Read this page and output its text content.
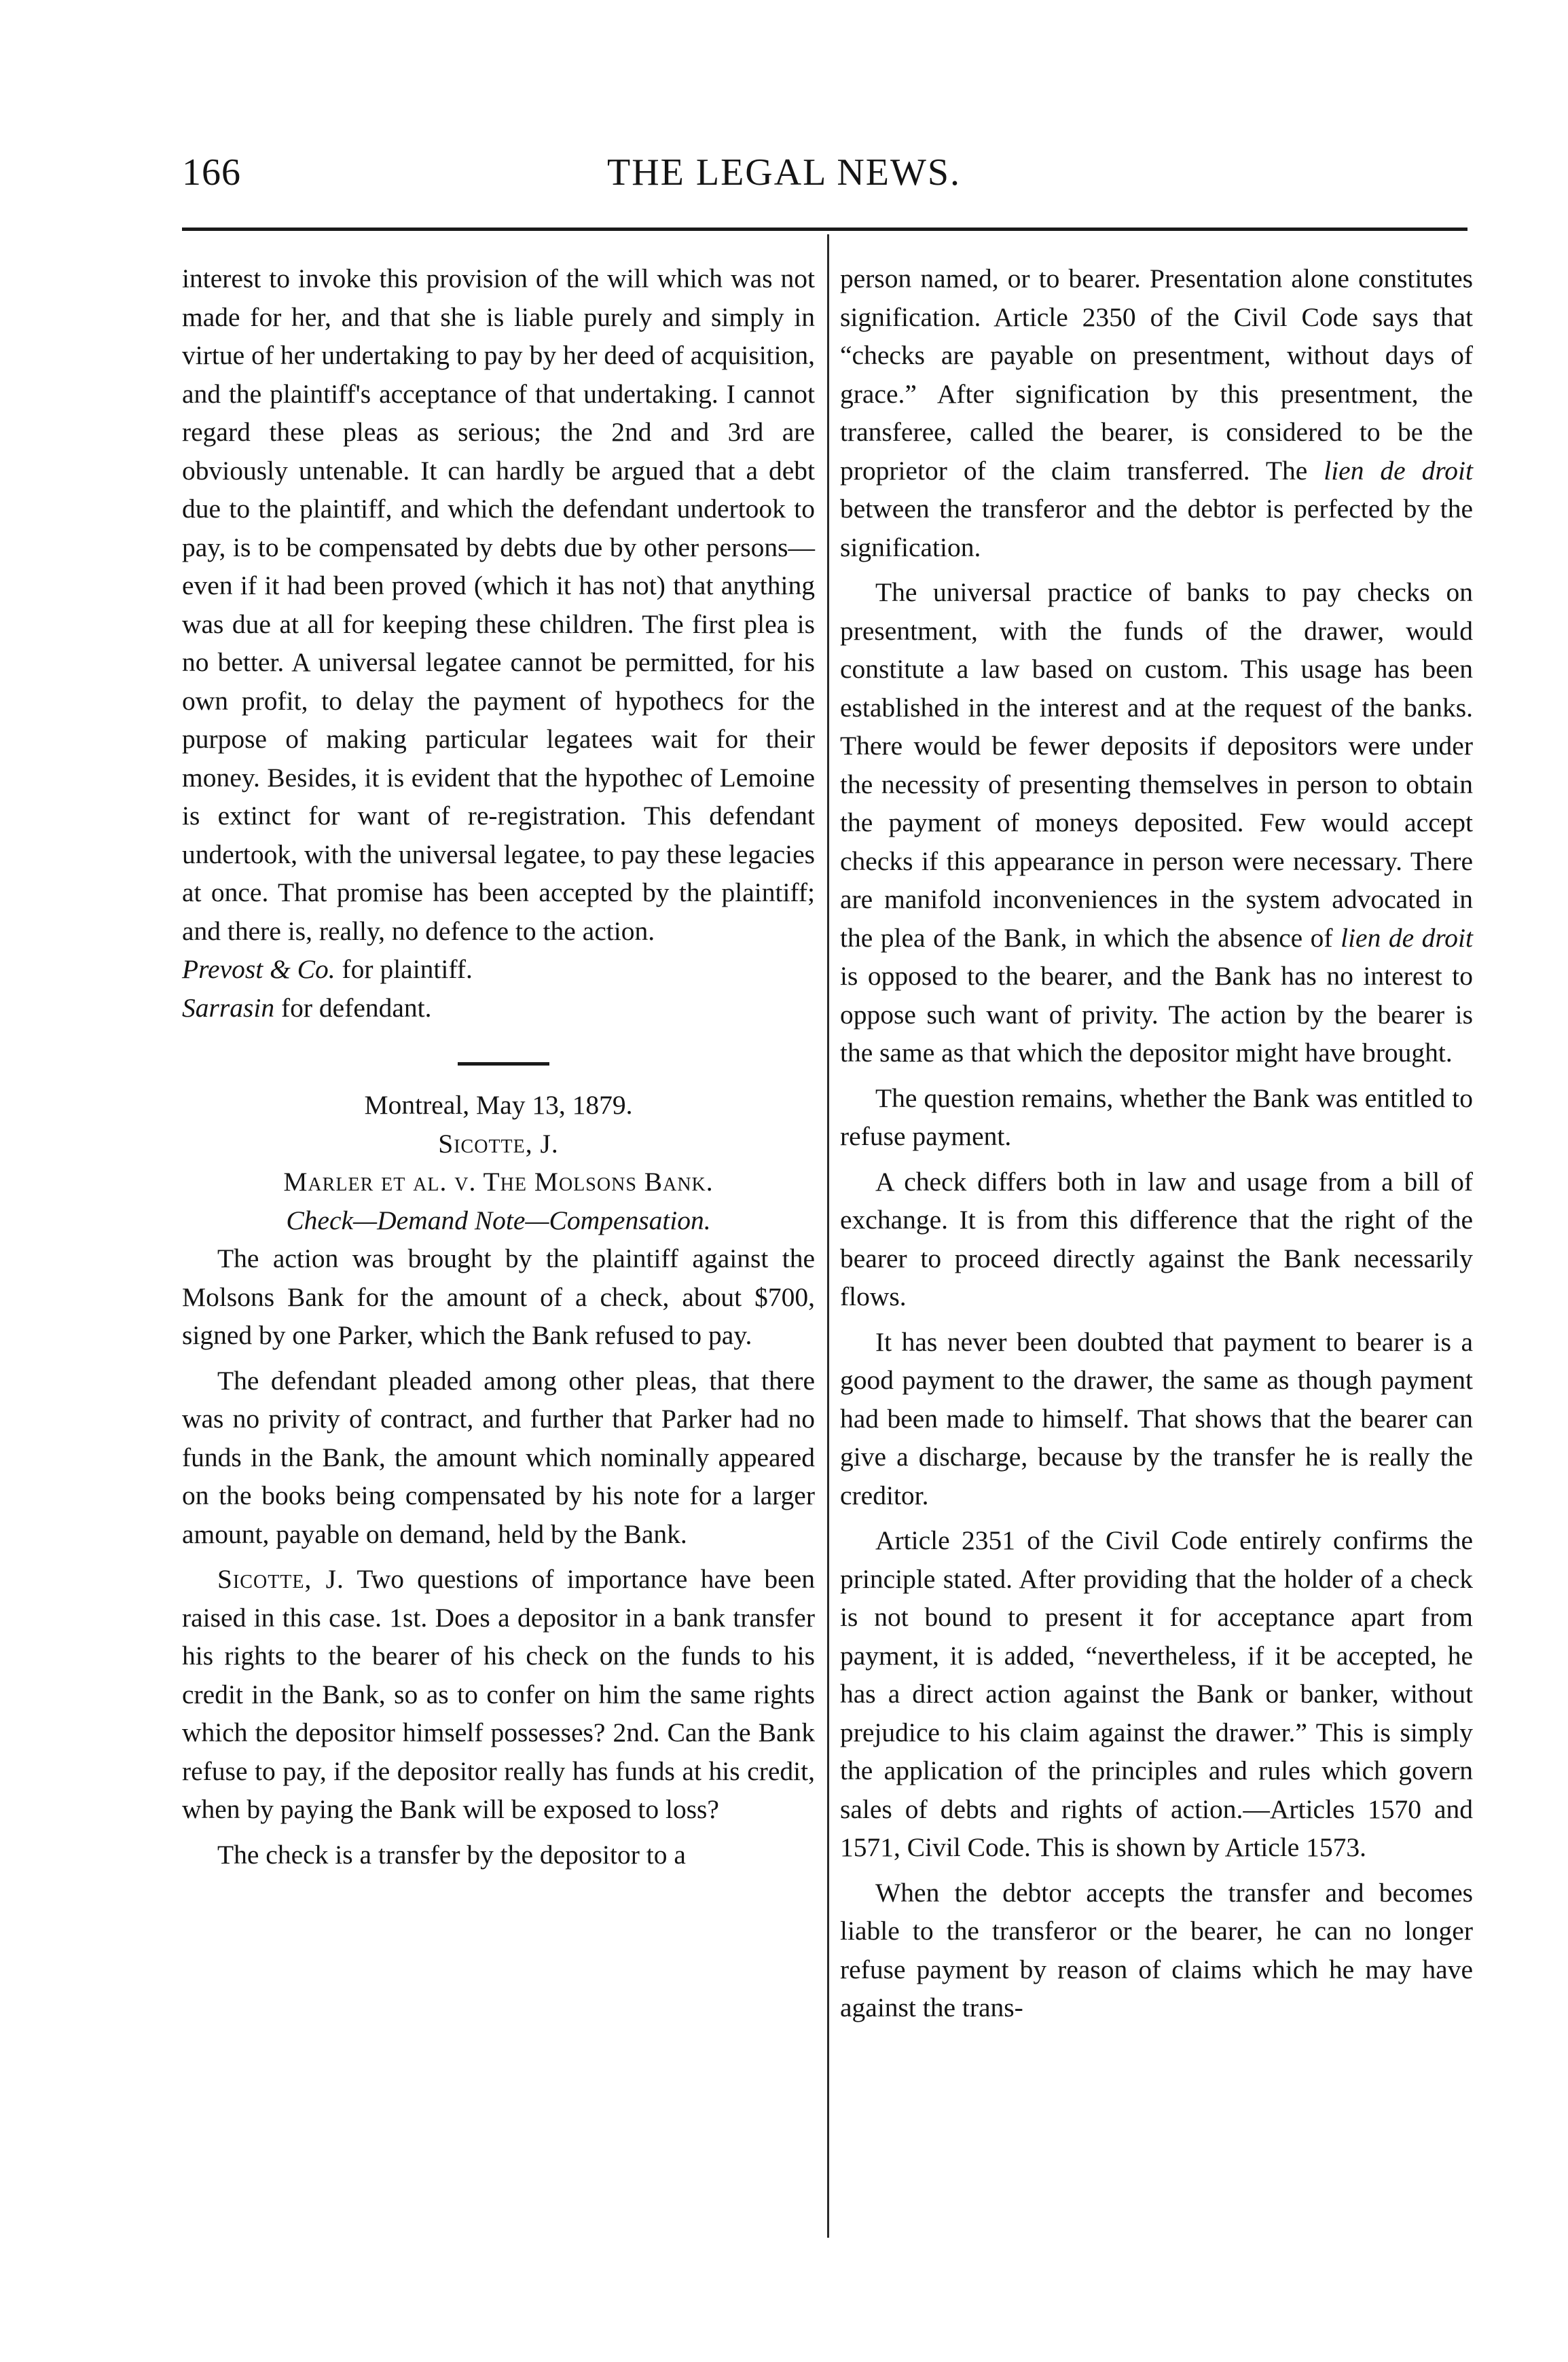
166	THE LEGAL NEWS.

interest to invoke this provision of the will which was not made for her, and that she is liable purely and simply in virtue of her undertaking to pay by her deed of acquisition, and the plaintiff's acceptance of that undertaking. I cannot regard these pleas as serious; the 2nd and 3rd are obviously untenable. It can hardly be argued that a debt due to the plaintiff, and which the defendant undertook to pay, is to be compensated by debts due by other persons—even if it had been proved (which it has not) that anything was due at all for keeping these children. The first plea is no better. A universal legatee cannot be permitted, for his own profit, to delay the payment of hypothecs for the purpose of making particular legatees wait for their money. Besides, it is evident that the hypothec of Lemoine is extinct for want of re-registration. This defendant undertook, with the universal legatee, to pay these legacies at once. That promise has been accepted by the plaintiff; and there is, really, no defence to the action.

Prevost & Co. for plaintiff.

Sarrasin for defendant.

Montreal, May 13, 1879.

Sicotte, J.

Marler et al. v. The Molsons Bank.

Check—Demand Note—Compensation.

The action was brought by the plaintiff against the Molsons Bank for the amount of a check, about $700, signed by one Parker, which the Bank refused to pay.

The defendant pleaded among other pleas, that there was no privity of contract, and further that Parker had no funds in the Bank, the amount which nominally appeared on the books being compensated by his note for a larger amount, payable on demand, held by the Bank.

Sicotte, J. Two questions of importance have been raised in this case. 1st. Does a depositor in a bank transfer his rights to the bearer of his check on the funds to his credit in the Bank, so as to confer on him the same rights which the depositor himself possesses? 2nd. Can the Bank refuse to pay, if the depositor really has funds at his credit, when by paying the Bank will be exposed to loss?

The check is a transfer by the depositor to a

person named, or to bearer. Presentation alone constitutes signification. Article 2350 of the Civil Code says that “checks are payable on presentment, without days of grace.” After signification by this presentment, the transferee, called the bearer, is considered to be the proprietor of the claim transferred. The lien de droit between the transferor and the debtor is perfected by the signification.

The universal practice of banks to pay checks on presentment, with the funds of the drawer, would constitute a law based on custom. This usage has been established in the interest and at the request of the banks. There would be fewer deposits if depositors were under the necessity of presenting themselves in person to obtain the payment of moneys deposited. Few would accept checks if this appearance in person were necessary. There are manifold inconveniences in the system advocated in the plea of the Bank, in which the absence of lien de droit is opposed to the bearer, and the Bank has no interest to oppose such want of privity. The action by the bearer is the same as that which the depositor might have brought.

The question remains, whether the Bank was entitled to refuse payment.

A check differs both in law and usage from a bill of exchange. It is from this difference that the right of the bearer to proceed directly against the Bank necessarily flows.

It has never been doubted that payment to bearer is a good payment to the drawer, the same as though payment had been made to himself. That shows that the bearer can give a discharge, because by the transfer he is really the creditor.

Article 2351 of the Civil Code entirely confirms the principle stated. After providing that the holder of a check is not bound to present it for acceptance apart from payment, it is added, “nevertheless, if it be accepted, he has a direct action against the Bank or banker, without prejudice to his claim against the drawer.” This is simply the application of the principles and rules which govern sales of debts and rights of action.—Articles 1570 and 1571, Civil Code. This is shown by Article 1573.

When the debtor accepts the transfer and becomes liable to the transferor or the bearer, he can no longer refuse payment by reason of claims which he may have against the trans-
